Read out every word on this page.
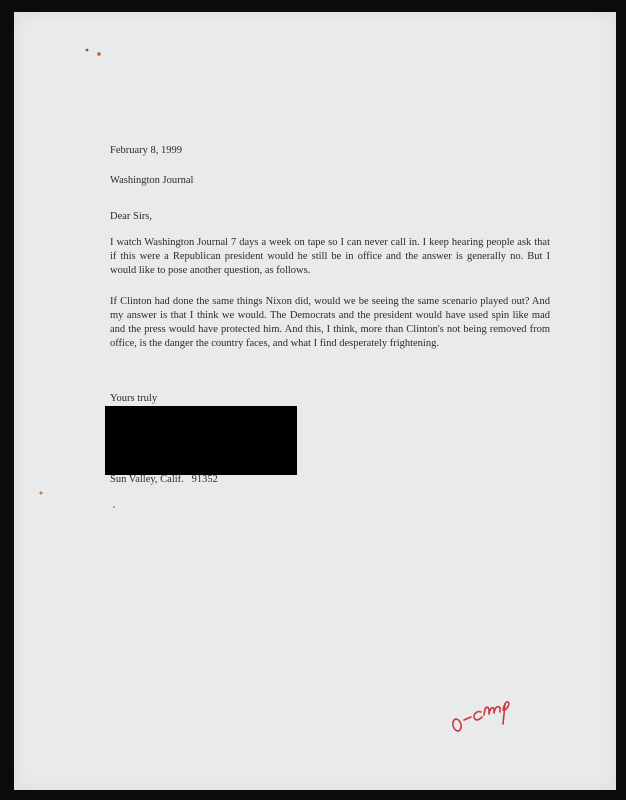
February 8, 1999
Washington Journal
Dear Sirs,
I watch Washington Journal 7 days a week on tape so I can never call in. I keep hearing people ask that if this were a Republican president would he still be in office and the answer is generally no. But I would like to pose another question, as follows.
If Clinton had done the same things Nixon did, would we be seeing the same scenario played out? And my answer is that I think we would. The Democrats and the president would have used spin like mad and the press would have protected him. And this, I think, more than Clinton's not being removed from office, is the danger the country faces, and what I find desperately frightening.
Yours truly
Sun Valley, Calif.   91352
